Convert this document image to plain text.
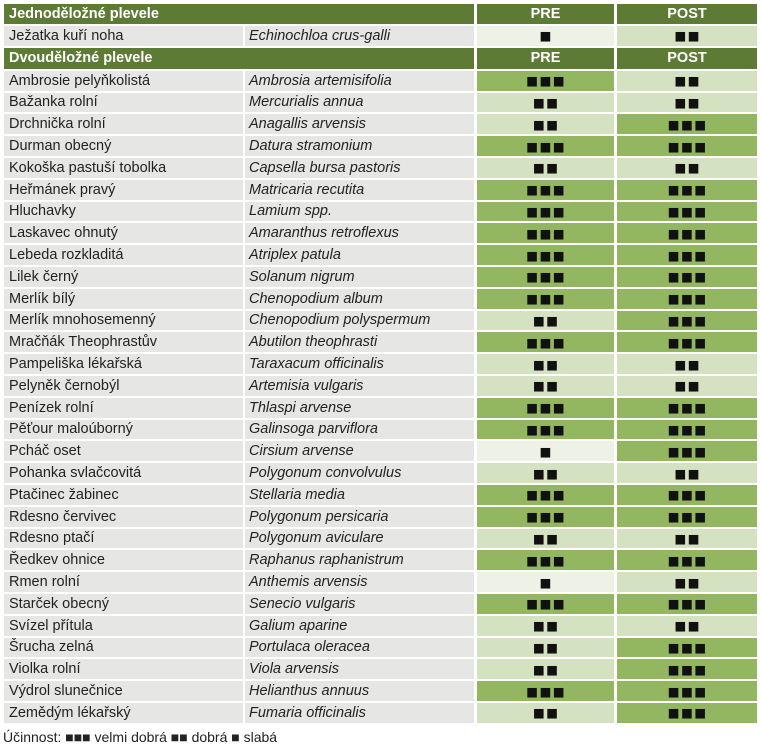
Jednoděložné plevele	PRE	POST
Ježatka kuří noha	Echinochloa crus-galli	■	■■
Dvouděložné plevele	PRE	POST
Ambrosie pelyňkolistá	Ambrosia artemisifolia	■■■	■■
Bažanka rolní	Mercurialis annua	■■	■■
Drchnička rolní	Anagallis arvensis	■■	■■■
Durman obecný	Datura stramonium	■■■	■■■
Kokoška pastuší tobolka	Capsella bursa pastoris	■■	■■
Heřmánek pravý	Matricaria recutita	■■■	■■■
Hluchavky	Lamium spp.	■■■	■■■
Laskavec ohnutý	Amaranthus retroflexus	■■■	■■■
Lebeda rozkladitá	Atriplex patula	■■■	■■■
Lilek černý	Solanum nigrum	■■■	■■■
Merlík bílý	Chenopodium album	■■■	■■■
Merlík mnohosemenný	Chenopodium polyspermum	■■	■■■
Mračňák Theophrastův	Abutilon theophrasti	■■■	■■■
Pampeliška lékařská	Taraxacum officinalis	■■	■■
Pelyněk černobýl	Artemisia vulgaris	■■	■■
Penízek rolní	Thlaspi arvense	■■■	■■■
Pěťour maloúborný	Galinsoga parviflora	■■■	■■■
Pcháč oset	Cirsium arvense	■	■■■
Pohanka svlačcovitá	Polygonum convolvulus	■■	■■
Ptačinec žabinec	Stellaria media	■■■	■■■
Rdesno červivec	Polygonum persicaria	■■■	■■■
Rdesno ptačí	Polygonum aviculare	■■	■■
Ředkev ohnice	Raphanus raphanistrum	■■■	■■■
Rmen rolní	Anthemis arvensis	■	■■
Starček obecný	Senecio vulgaris	■■■	■■■
Svízel přítula	Galium aparine	■■	■■
Šrucha zelná	Portulaca oleracea	■■	■■■
Violka rolní	Viola arvensis	■■	■■■
Výdrol slunečnice	Helianthus annuus	■■■	■■■
Zemědým lékařský	Fumaria officinalis	■■	■■■
Účinnost: ■■■ velmi dobrá ■■ dobrá ■ slabá
